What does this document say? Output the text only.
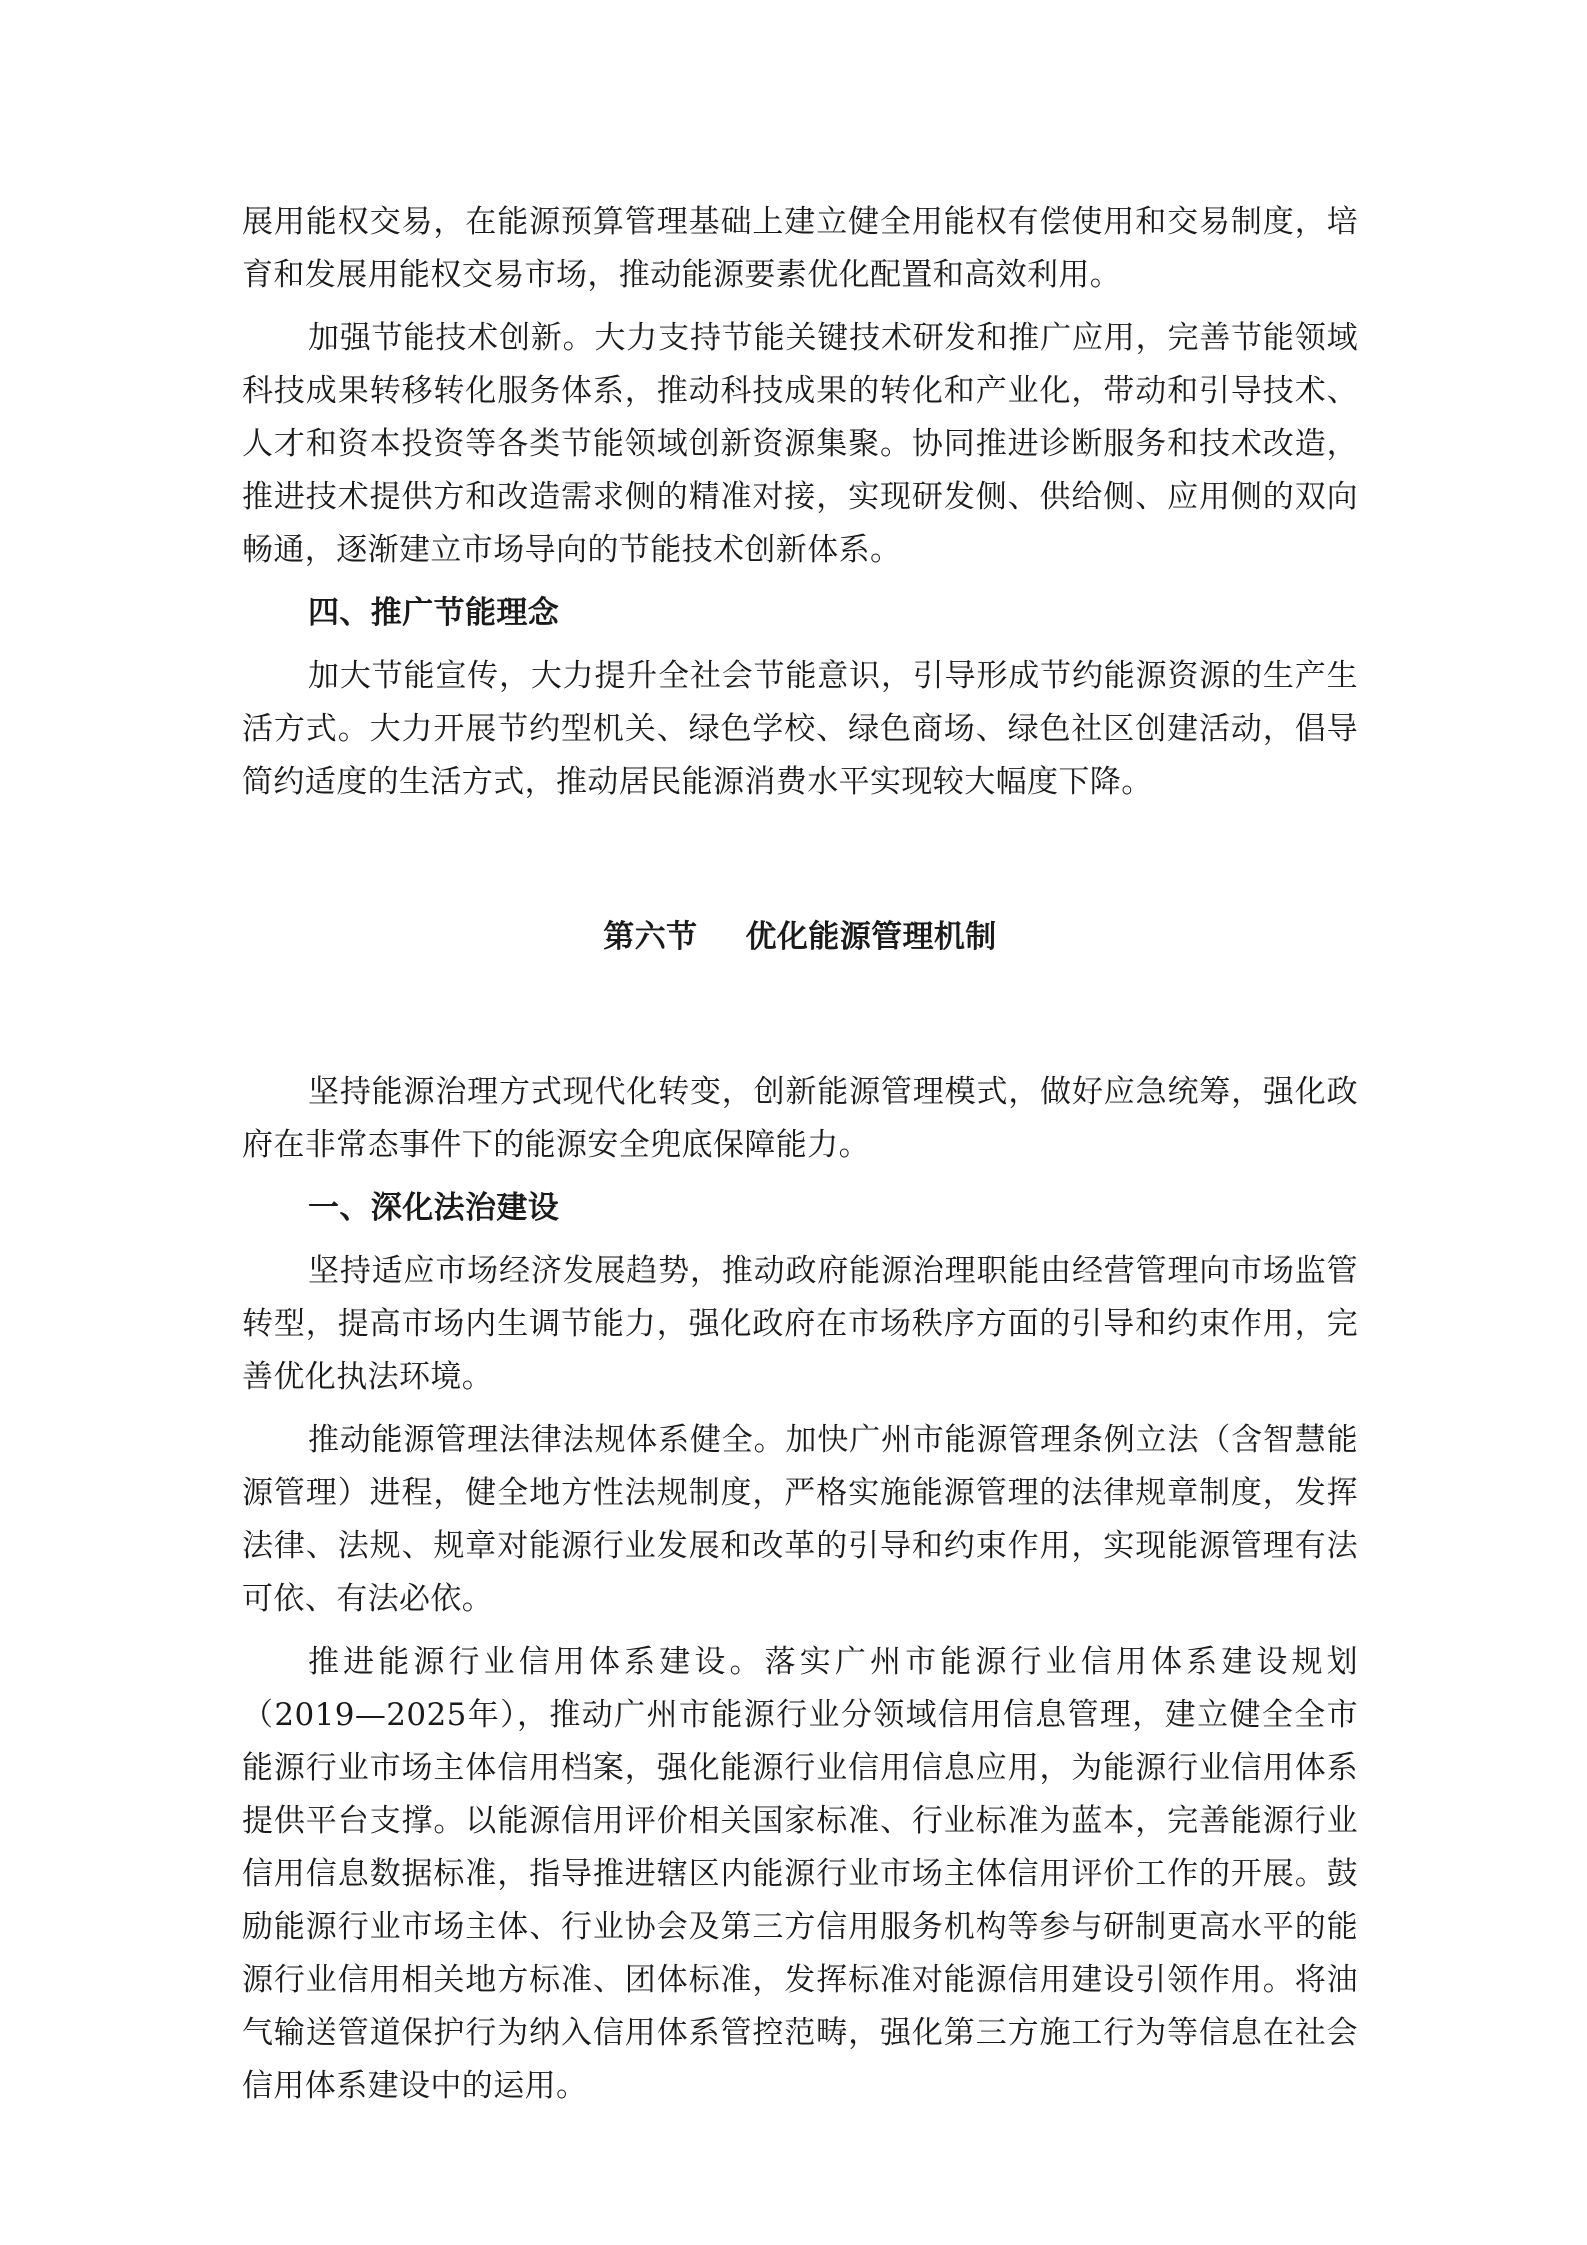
展用能权交易，在能源预算管理基础上建立健全用能权有偿使用和交易制度，培育和发展用能权交易市场，推动能源要素优化配置和高效利用。

加强节能技术创新。大力支持节能关键技术研发和推广应用，完善节能领域科技成果转移转化服务体系，推动科技成果的转化和产业化，带动和引导技术、人才和资本投资等各类节能领域创新资源集聚。协同推进诊断服务和技术改造，推进技术提供方和改造需求侧的精准对接，实现研发侧、供给侧、应用侧的双向畅通，逐渐建立市场导向的节能技术创新体系。

四、推广节能理念

加大节能宣传，大力提升全社会节能意识，引导形成节约能源资源的生产生活方式。大力开展节约型机关、绿色学校、绿色商场、绿色社区创建活动，倡导简约适度的生活方式，推动居民能源消费水平实现较大幅度下降。

第六节 优化能源管理机制

坚持能源治理方式现代化转变，创新能源管理模式，做好应急统筹，强化政府在非常态事件下的能源安全兜底保障能力。

一、深化法治建设

坚持适应市场经济发展趋势，推动政府能源治理职能由经营管理向市场监管转型，提高市场内生调节能力，强化政府在市场秩序方面的引导和约束作用，完善优化执法环境。

推动能源管理法律法规体系健全。加快广州市能源管理条例立法（含智慧能源管理）进程，健全地方性法规制度，严格实施能源管理的法律规章制度，发挥法律、法规、规章对能源行业发展和改革的引导和约束作用，实现能源管理有法可依、有法必依。

推进能源行业信用体系建设。落实广州市能源行业信用体系建设规划（2019—2025年），推动广州市能源行业分领域信用信息管理，建立健全全市能源行业市场主体信用档案，强化能源行业信用信息应用，为能源行业信用体系提供平台支撑。以能源信用评价相关国家标准、行业标准为蓝本，完善能源行业信用信息数据标准，指导推进辖区内能源行业市场主体信用评价工作的开展。鼓励能源行业市场主体、行业协会及第三方信用服务机构等参与研制更高水平的能源行业信用相关地方标准、团体标准，发挥标准对能源信用建设引领作用。将油气输送管道保护行为纳入信用体系管控范畴，强化第三方施工行为等信息在社会信用体系建设中的运用。
